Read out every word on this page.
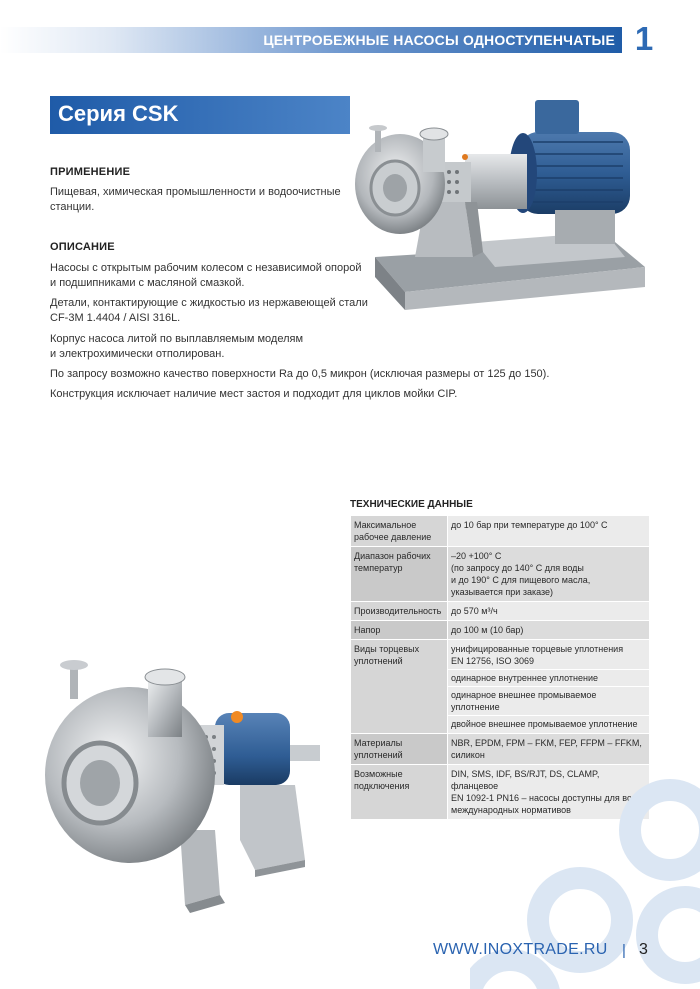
ЦЕНТРОБЕЖНЫЕ НАСОСЫ ОДНОСТУПЕНЧАТЫЕ 1
Серия CSK
ПРИМЕНЕНИЕ
Пищевая, химическая промышленности и водоочистные
станции.
ОПИСАНИЕ
Насосы с открытым рабочим колесом с независимой опорой
и подшипниками с масляной смазкой.
Детали, контактирующие с жидкостью из нержавеющей стали
CF-3M 1.4404 / AISI 316L.
Корпус насоса литой по выплавляемым моделям
и электрохимически отполирован.
По запросу возможно качество поверхности Ra до 0,5 микрон (исключая размеры от 125 до 150).
Конструкция исключает наличие мест застоя и подходит для циклов мойки CIP.
ТЕХНИЧЕСКИЕ ДАННЫЕ
Максимальное
рабочее давление	до 10 бар при температуре до 100° C

Диапазон рабочих
температур	–20 +100° C
(по запросу до 140° C для воды
и до 190° C для пищевого масла,
указывается при заказе)

Производительность	до 570 м³/ч

Напор	до 100 м (10 бар)

Виды торцевых
уплотнений	унифицированные торцевые уплотнения
EN 12756, ISO 3069
одинарное внутреннее уплотнение
одинарное внешнее промываемое уплотнение
двойное внешнее промываемое уплотнение

Материалы
уплотнений	NBR, EPDM, FPM – FKM, FEP, FFPM – FFKM,
силикон

Возможные
подключения	DIN, SMS, IDF, BS/RJT, DS, CLAMP, фланцевое
EN 1092-1 PN16 – насосы доступны для всех
международных нормативов
WWW.INOXTRADE.RU | 3
